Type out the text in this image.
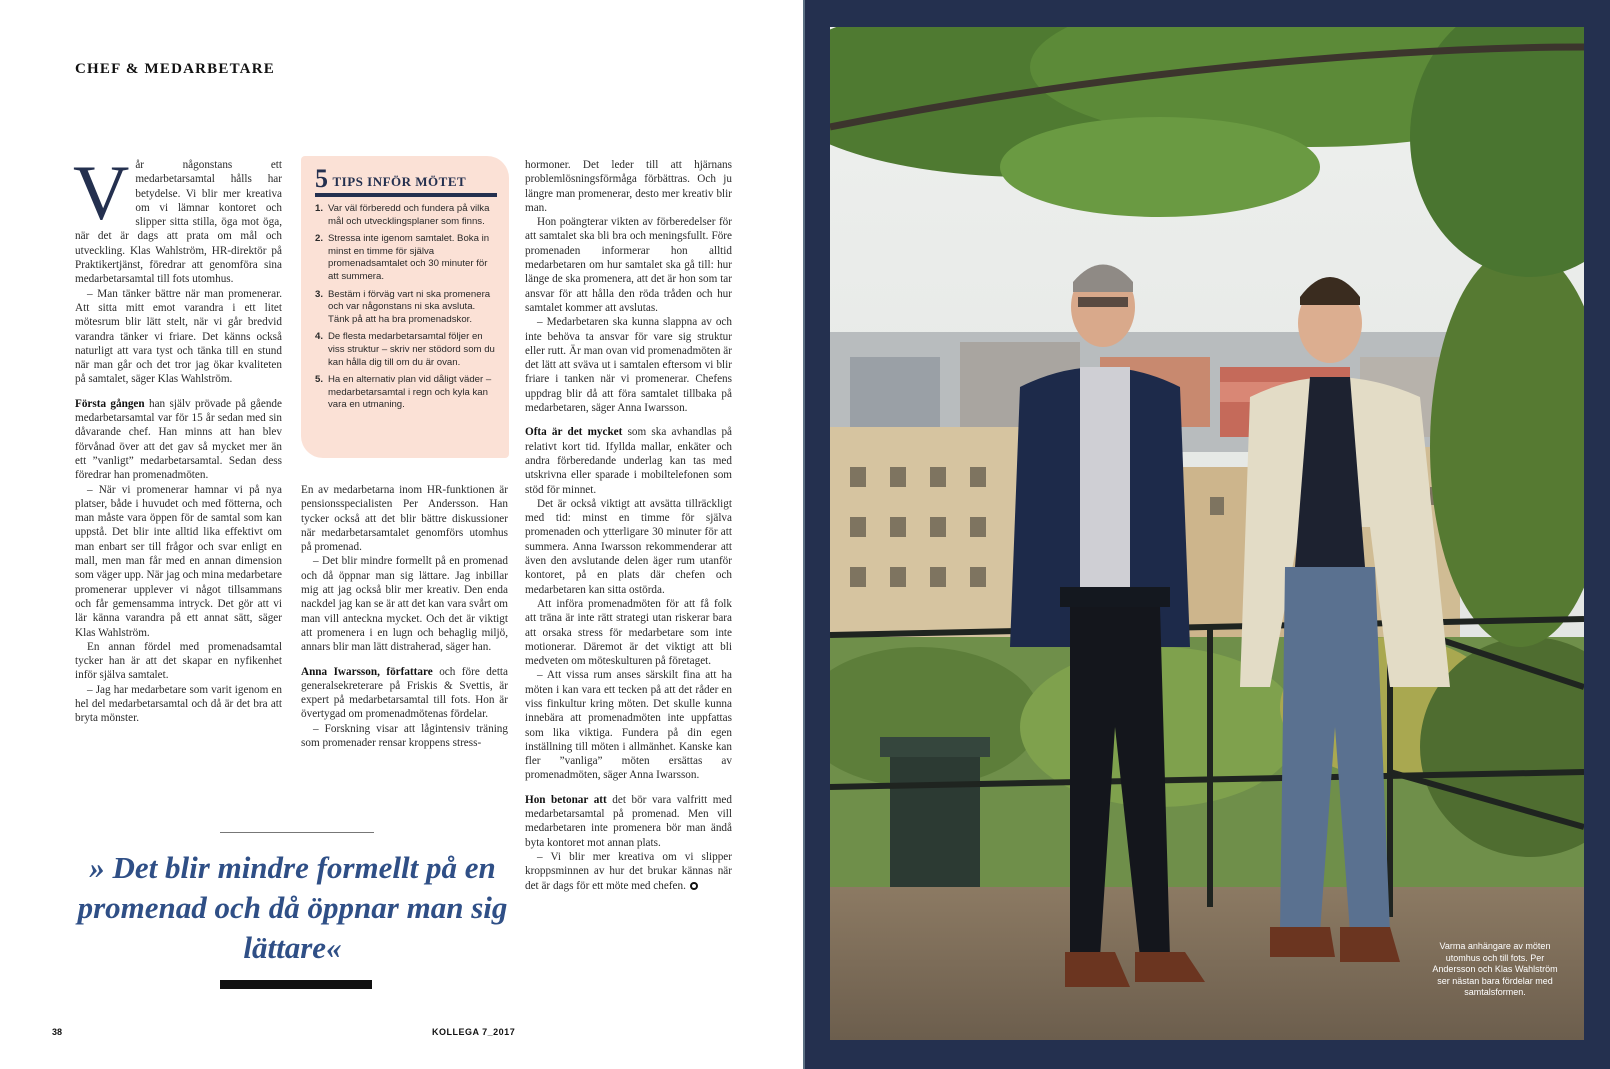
CHEF & MEDARBETARE

Vår någonstans ett medarbetarsamtal hålls har betydelse. Vi blir mer kreativa om vi lämnar kontoret och slipper sitta stilla, öga mot öga, när det är dags att prata om mål och utveckling. Klas Wahlström, HR-direktör på Praktikertjänst, föredrar att genomföra sina medarbetarsamtal till fots utomhus.

– Man tänker bättre när man promenerar. Att sitta mitt emot varandra i ett litet mötesrum blir lätt stelt, när vi går bredvid varandra tänker vi friare. Det känns också naturligt att vara tyst och tänka till en stund när man går och det tror jag ökar kvaliteten på samtalet, säger Klas Wahlström.

Första gången han själv prövade på gående medarbetarsamtal var för 15 år sedan med sin dåvarande chef. Han minns att han blev förvånad över att det gav så mycket mer än ett ”vanligt” medarbetarsamtal. Sedan dess föredrar han promenadmöten.

– När vi promenerar hamnar vi på nya platser, både i huvudet och med fötterna, och man måste vara öppen för de samtal som kan uppstå. Det blir inte alltid lika effektivt om man enbart ser till frågor och svar enligt en mall, men man får med en annan dimension som väger upp. När jag och mina medarbetare promenerar upplever vi något tillsammans och får gemensamma intryck. Det gör att vi lär känna varandra på ett annat sätt, säger Klas Wahlström.

En annan fördel med promenadsamtal tycker han är att det skapar en nyfikenhet inför själva samtalet.

– Jag har medarbetare som varit igenom en hel del medarbetarsamtal och då är det bra att bryta mönster.

5 TIPS INFÖR MÖTET
1. Var väl förberedd och fundera på vilka mål och utvecklingsplaner som finns.
2. Stressa inte igenom samtalet. Boka in minst en timme för själva promenadsamtalet och 30 minuter för att summera.
3. Bestäm i förväg vart ni ska promenera och var någonstans ni ska avsluta. Tänk på att ha bra promenadskor.
4. De flesta medarbetarsamtal följer en viss struktur – skriv ner stödord som du kan hålla dig till om du är ovan.
5. Ha en alternativ plan vid dåligt väder – medarbetarsamtal i regn och kyla kan vara en utmaning.

En av medarbetarna inom HR-funktionen är pensionsspecialisten Per Andersson. Han tycker också att det blir bättre diskussioner när medarbetarsamtalet genomförs utomhus på promenad.

– Det blir mindre formellt på en promenad och då öppnar man sig lättare. Jag inbillar mig att jag också blir mer kreativ. Den enda nackdel jag kan se är att det kan vara svårt om man vill anteckna mycket. Och det är viktigt att promenera i en lugn och behaglig miljö, annars blir man lätt distraherad, säger han.

Anna Iwarsson, författare och före detta generalsekreterare på Friskis & Svettis, är expert på medarbetarsamtal till fots. Hon är övertygad om promenadmötenas fördelar.

– Forskning visar att lågintensiv träning som promenader rensar kroppens stress-

hormoner. Det leder till att hjärnans problemlösningsförmåga förbättras. Och ju längre man promenerar, desto mer kreativ blir man.

Hon poängterar vikten av förberedelser för att samtalet ska bli bra och meningsfullt. Före promenaden informerar hon alltid medarbetaren om hur samtalet ska gå till: hur länge de ska promenera, att det är hon som tar ansvar för att hålla den röda tråden och hur samtalet kommer att avslutas.

– Medarbetaren ska kunna slappna av och inte behöva ta ansvar för vare sig struktur eller rutt. Är man ovan vid promenadmöten är det lätt att sväva ut i samtalen eftersom vi blir friare i tanken när vi promenerar. Chefens uppdrag blir då att föra samtalet tillbaka på medarbetaren, säger Anna Iwarsson.

Ofta är det mycket som ska avhandlas på relativt kort tid. Ifyllda mallar, enkäter och andra förberedande underlag kan tas med utskrivna eller sparade i mobiltelefonen som stöd för minnet.

Det är också viktigt att avsätta tillräckligt med tid: minst en timme för själva promenaden och ytterligare 30 minuter för att summera. Anna Iwarsson rekommenderar att även den avslutande delen äger rum utanför kontoret, på en plats där chefen och medarbetaren kan sitta ostörda.

Att införa promenadmöten för att få folk att träna är inte rätt strategi utan riskerar bara att orsaka stress för medarbetare som inte motionerar. Däremot är det viktigt att bli medveten om möteskulturen på företaget.

– Att vissa rum anses särskilt fina att ha möten i kan vara ett tecken på att det råder en viss finkultur kring möten. Det skulle kunna innebära att promenadmöten inte uppfattas som lika viktiga. Fundera på din egen inställning till möten i allmänhet. Kanske kan fler ”vanliga” möten ersättas av promenadmöten, säger Anna Iwarsson.

Hon betonar att det bör vara valfritt med medarbetarsamtal på promenad. Men vill medarbetaren inte promenera bör man ändå byta kontoret mot annan plats.

– Vi blir mer kreativa om vi slipper kroppsminnen av hur det brukar kännas när det är dags för ett möte med chefen.

» Det blir mindre formellt på en promenad och då öppnar man sig lättare«
38	KOLLEGA 7_2017
Varma anhängare av möten utomhus och till fots. Per Andersson och Klas Wahlström ser nästan bara fördelar med samtalsformen.
